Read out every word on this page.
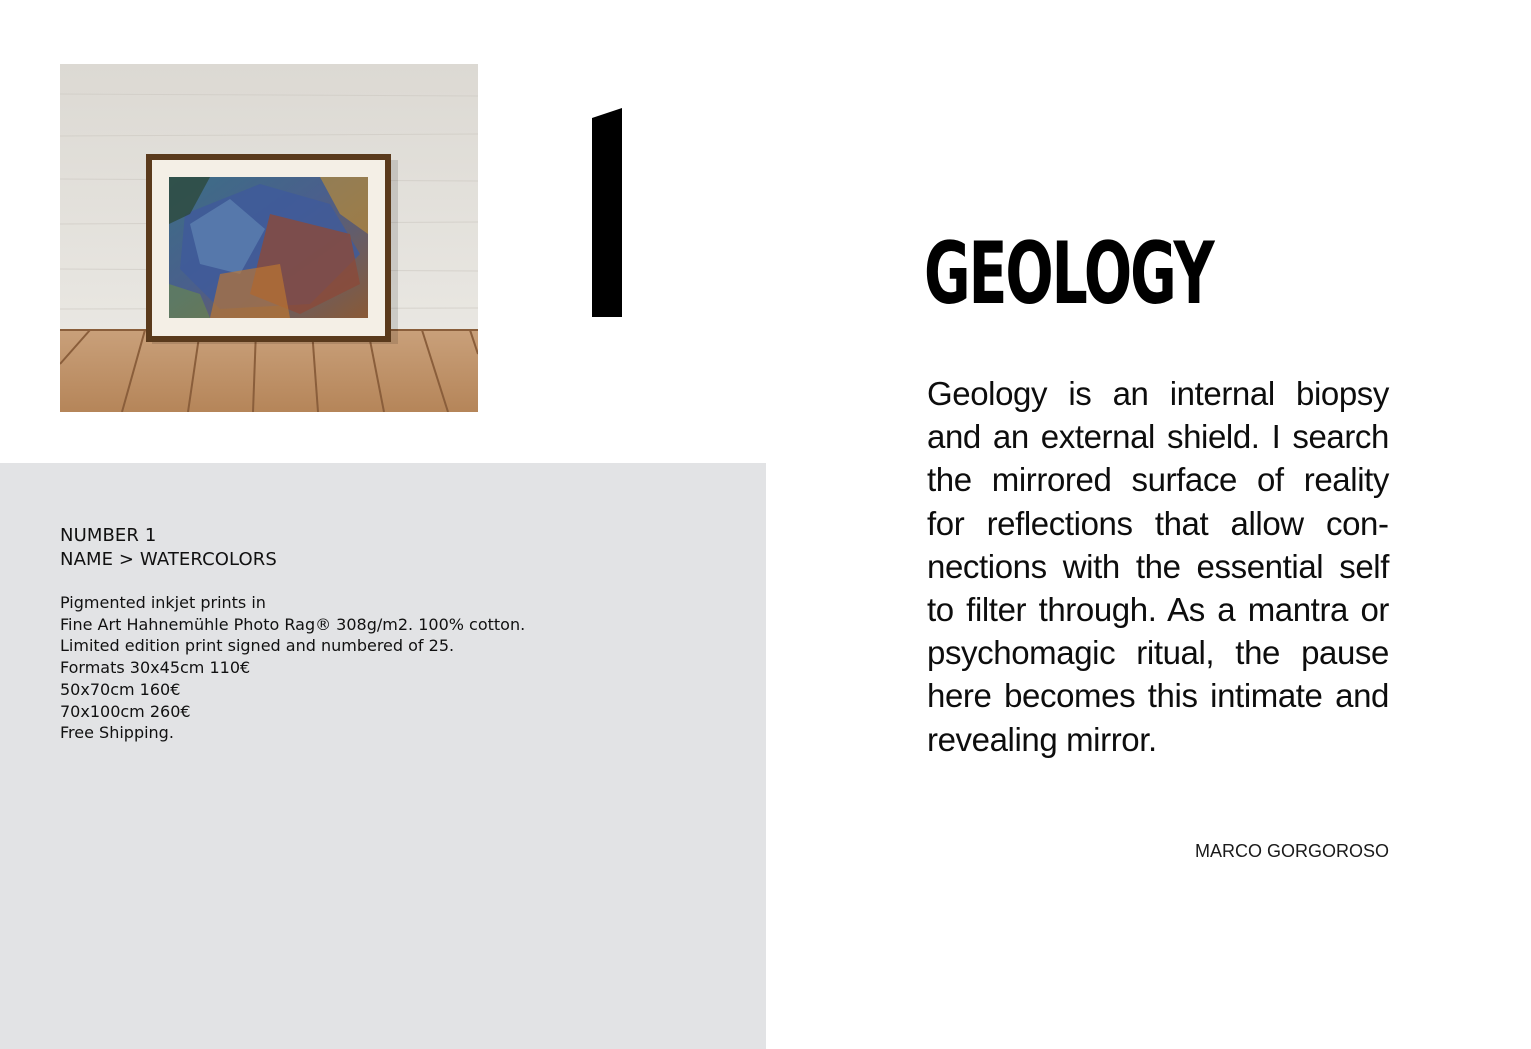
GEOLOGY

Geology is an internal biopsy and an external shield. I search the mirrored surface of reality for reflections that allow connections with the essential self to filter through. As a mantra or psychomagic ritual, the pause here becomes this intimate and revealing mirror.

MARCO GORGOROSO

NUMBER 1
NAME > WATERCOLORS
Pigmented inkjet prints in
Fine Art Hahnemühle Photo Rag® 308g/m2. 100% cotton.
Limited edition print signed and numbered of 25.
Formats 30x45cm 110€
50x70cm 160€
70x100cm 260€
Free Shipping.
